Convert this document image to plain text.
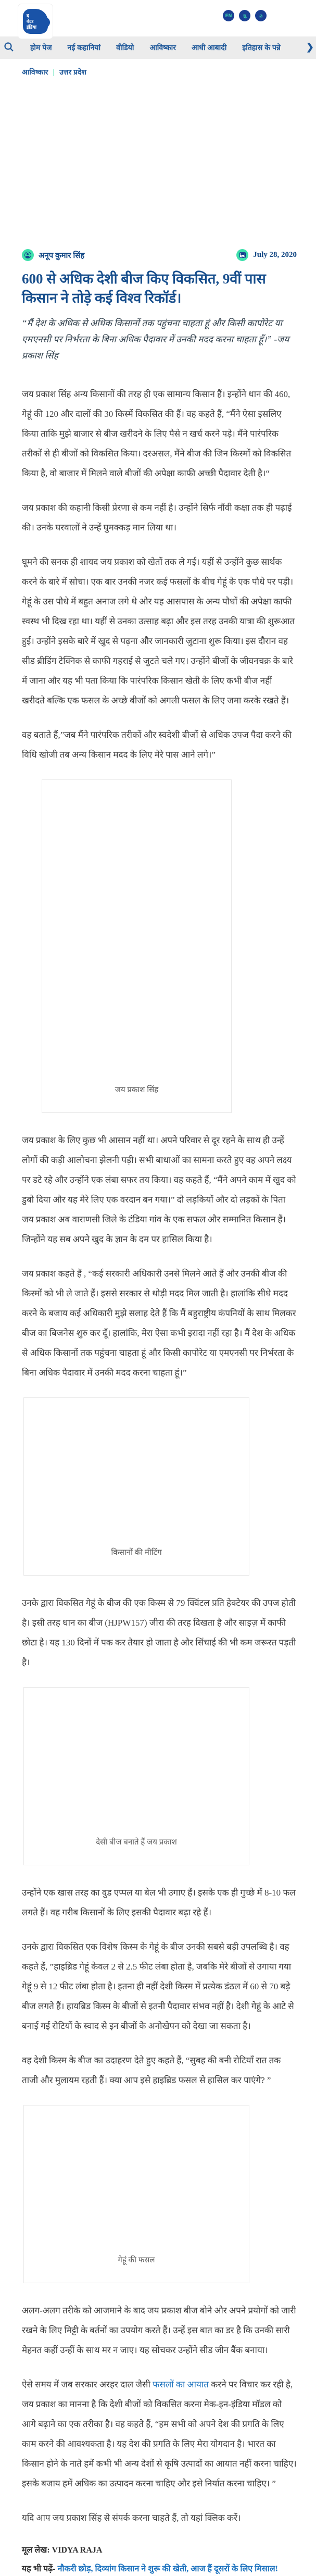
द
बेटर
इंडिया
EN	ગુ	മ
होम पेज नई कहानियां वीडियो आविष्कार आधी आबादी इतिहास के पन्ने	❯
आविष्कार | उत्तर प्रदेश
अनूप कुमार सिंह	July 28, 2020
600 से अधिक देशी बीज किए विकसित, 9वीं पास किसान ने तोड़े कई विश्व रिकॉर्ड।

“मैं देश के अधिक से अधिक किसानों तक पहुंचना चाहता हूं और किसी कापोरेट या एमएनसी पर निर्भरता के बिना अधिक पैदावार में उनकी मदद करना चाहता हूँ।” -जय प्रकाश सिंह

जय प्रकाश सिंह अन्य किसानों की तरह ही एक सामान्य किसान हैं। इन्होंने धान की 460, गेहूं की 120 और दालों की 30 किस्में विकसित की हैं। वह कहते हैं, “मैंने ऐसा इसलिए किया ताकि मुझे बाजार से बीज खरीदने के लिए पैसे न खर्च करने पड़े। मैंने पारंपरिक तरीकों से ही बीजों को विकसित किया। दरअसल, मैंने बीज की जिन किस्मों को विकसित किया है, वो बाजार में मिलने वाले बीजों की अपेक्षा काफी अच्छी पैदावार देती है।“

जय प्रकाश की कहानी किसी प्रेरणा से कम नहीं है। उन्होंने सिर्फ नौंवी कक्षा तक ही पढ़ाई की। उनके घरवालों ने उन्हें घुमक्कड़ मान लिया था।

घूमने की सनक ही शायद जय प्रकाश को खेतों तक ले गई। यहीं से उन्होंने कुछ सार्थक करने के बारे में सोचा। एक बार उनकी नजर कई फसलों के बीच गेहूं के एक पौधे पर पड़ी। गेहूं के उस पौधे में बहुत अनाज लगे थे और यह आसपास के अन्य पौधों की अपेक्षा काफी स्वस्थ भी दिख रहा था। यहीं से उनका उत्साह बढ़ा और इस तरह उनकी यात्रा की शुरूआत हुई। उन्होंने इसके बारे में खुद से पढ़ना और जानकारी जुटाना शुरू किया। इस दौरान वह सीड ब्रीडिंग टेक्निक से काफी गहराई से जुटते चले गए। उन्होंने बीजों के जीवनचक्र के बारे में जाना और यह भी पता किया कि पारंपरिक किसान खेती के लिए कभी बीज नहीं खरीदते बल्कि एक फसल के अच्छे बीजों को अगली फसल के लिए जमा करके रखते हैं।

वह बताते हैं,”जब मैंने पारंपरिक तरीकों और स्वदेशी बीजों से अधिक उपज पैदा करने की विधि खोजी तब अन्य किसान मदद के लिए मेरे पास आने लगे।”

जय प्रकाश सिंह

जय प्रकाश के लिए कुछ भी आसान नहीं था। अपने परिवार से दूर रहने के साथ ही उन्हें लोगों की कड़ी आलोचना झेलनी पड़ी। सभी बाधाओं का सामना करते हुए वह अपने लक्ष्य पर डटे रहे और उन्होंने एक लंबा सफर तय किया। वह कहते हैं, “मैंने अपने काम में खुद को डुबो दिया और यह मेरे लिए एक वरदान बन गया।” दो लड़कियों और दो लड़कों के पिता जय प्रकाश अब वाराणसी जिले के टंडिया गांव के एक सफल और सम्मानित किसान हैं। जिन्होंने यह सब अपने खुद के ज्ञान के दम पर हासिल किया है।

जय प्रकाश कहते हैं , “कई सरकारी अधिकारी उनसे मिलने आते हैं और उनकी बीज की किस्मों को भी ले जाते हैं। इससे सरकार से थोड़ी मदद मिल जाती है। हालांकि सीधे मदद करने के बजाय कई अधिकारी मुझे सलाह देते हैं कि मैं बहुराष्ट्रीय कंपनियों के साथ मिलकर बीज का बिजनेस शुरु कर दूँ। हालांकि, मेरा ऐसा कभी इरादा नहीं रहा है। मैं देश के अधिक से अधिक किसानों तक पहुंचना चाहता हूं और किसी कापोरेट या एमएनसी पर निर्भरता के बिना अधिक पैदावार में उनकी मदद करना चाहता हूं।”

किसानों की मीटिंग

उनके द्वारा विकसित गेहूं के बीज की एक किस्म से 79 क्विंटल प्रति हेक्टेयर की उपज होती है। इसी तरह धान का बीज (HJPW157) जीरा की तरह दिखता है और साइज़ में काफी छोटा है। यह 130 दिनों में पक कर तैयार हो जाता है और सिंचाई की भी कम जरूरत पड़ती है।

देसी बीज बनाते हैं जय प्रकाश

उन्होंने एक खास तरह का वुड एप्पल या बेल भी उगाए हैं। इसके एक ही गुच्छे में 8-10 फल लगते हैं। वह गरीब किसानों के लिए इसकी पैदावार बढ़ा रहे हैं।

उनके द्वारा विकसित एक विशेष किस्म के गेहूं के बीज उनकी सबसे बड़ी उपलब्धि है। वह कहते हैं, ”हाइब्रिड गेहूं केवल 2 से 2.5 फीट लंबा होता है, जबकि मेरे बीजों से उगाया गया गेहूं 9 से 12 फीट लंबा होता है। इतना ही नहीं देशी किस्म में प्रत्येक डंठल में 60 से 70 बड़े बीज लगते हैं। हायब्रिड किस्म के बीजों से इतनी पैदावार संभव नहीं है। देशी गेहूं के आटे से बनाई गई रोटियों के स्वाद से इन बीजों के अनोखेपन को देखा जा सकता है।

वह देशी किस्म के बीज का उदाहरण देते हुए कहते हैं, “सुबह की बनी रोटियाँ रात तक ताजी और मुलायम रहती हैं। क्या आप इसे हाइब्रिड फसल से हासिल कर पाएंगे? ”

गेहूं की फसल

अलग-अलग तरीके को आजमाने के बाद जय प्रकाश बीज बोने और अपने प्रयोगों को जारी रखने के लिए मिट्टी के बर्तनों का उपयोग करते हैं। उन्हें इस बात का डर है कि उनकी सारी मेहनत कहीं उन्हीं के साथ मर न जाए। यह सोचकर उन्होंने सीड जीन बैंक बनाया।

ऐसे समय में जब सरकार अरहर दाल जैसी फसलों का आयात करने पर विचार कर रही है, जय प्रकाश का मानना है कि देशी बीजों को विकसित करना मेक-इन-इंडिया मॉडल को आगे बढ़ाने का एक तरीका है। वह कहते हैं, “हम सभी को अपने देश की प्रगति के लिए काम करने की आवश्यकता है। यह देश की प्रगति के लिए मेरा योगदान है। भारत का किसान होने के नाते हमें कभी भी अन्य देशों से कृषि उत्पादों का आयात नहीं करना चाहिए। इसके बजाय हमें अधिक का उत्पादन करना चाहिए और इसे निर्यात करना चाहिए। ”

यदि आप जय प्रकाश सिंह से संपर्क करना चाहते हैं, तो यहां क्लिक करें।

मूल लेख: VIDYA RAJA

यह भी पढ़ें- नौकरी छोड़, दिव्यांग किसान ने शुरू की खेती, आज हैं दूसरों के लिए मिसाल!
